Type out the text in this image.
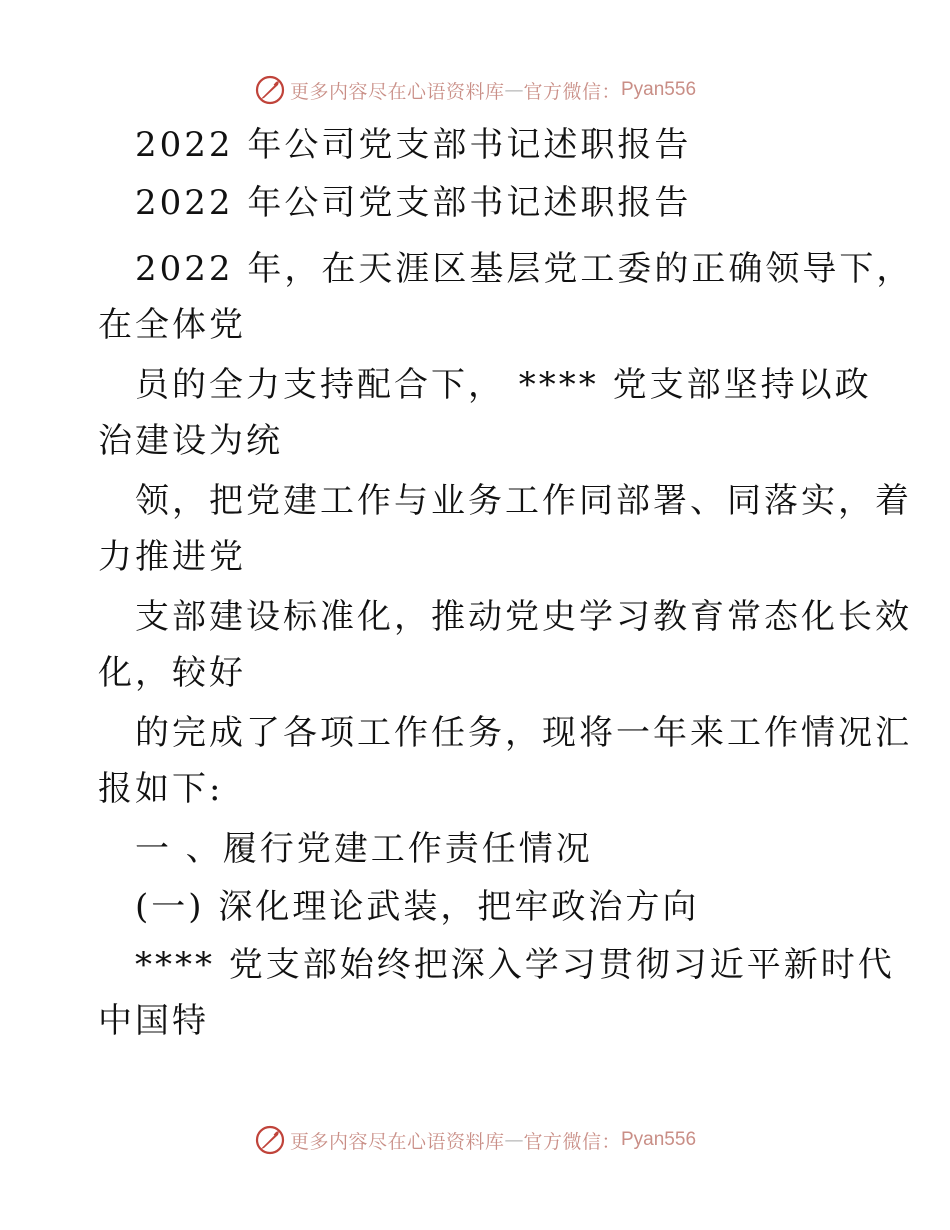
更多内容尽在心语资料库 — 官方微信： Pyan556
2022 年公司党支部书记述职报告
2022 年公司党支部书记述职报告
2022 年，在天涯区基层党工委的正确领导下，
在全体党
员的全力支持配合下， **** 党支部坚持以政
治建设为统
领，把党建工作与业务工作同部署、同落实，着
力推进党
支部建设标准化，推动党史学习教育常态化长效
化，较好
的完成了各项工作任务，现将一年来工作情况汇
报如下:
一 、履行党建工作责任情况
(一) 深化理论武装，把牢政治方向
**** 党支部始终把深入学习贯彻习近平新时代
中国特
更多内容尽在心语资料库 — 官方微信： Pyan556
